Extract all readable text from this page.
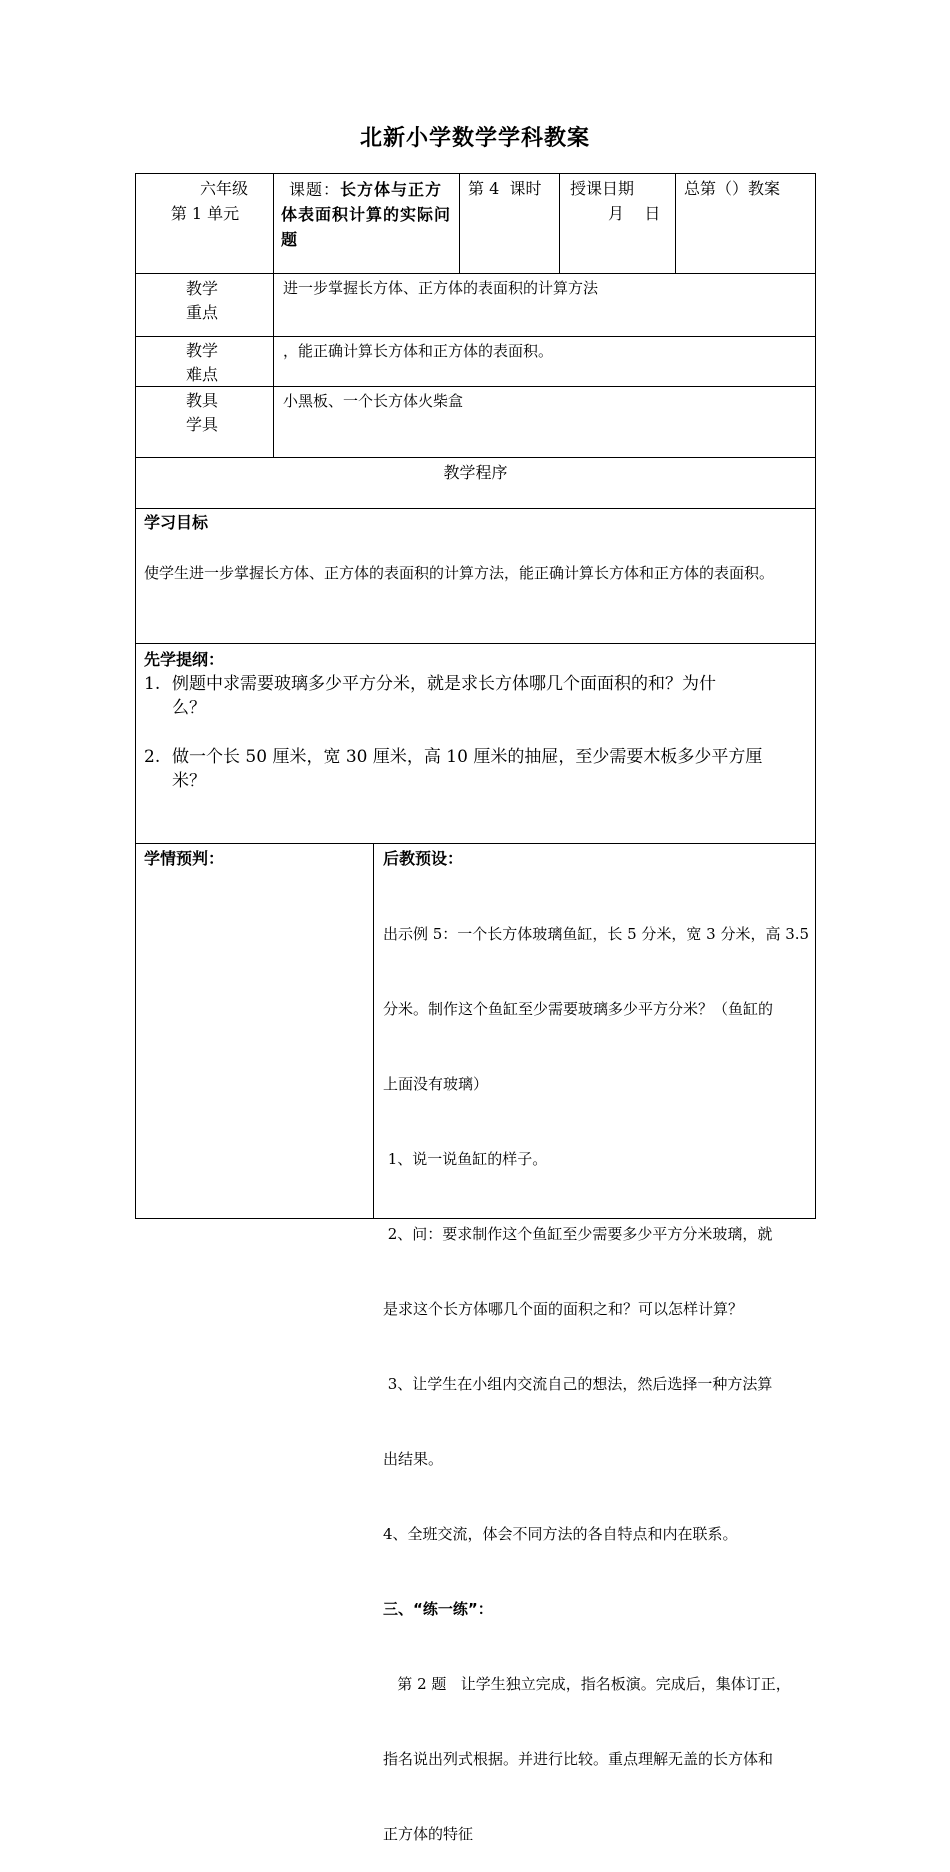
北新小学数学学科教案
六年级
第 1 单元
课题：长方体与正方体表面积计算的实际问题
第 4  课时 授课日期
月    日
总第（）教案
教学
重点
进一步掌握长方体、正方体的表面积的计算方法
教学
难点
，能正确计算长方体和正方体的表面积。
教具
学具
小黑板、一个长方体火柴盒
教学程序
学习目标
使学生进一步掌握长方体、正方体的表面积的计算方法，能正确计算长方体和正方体的表面积。
先学提纲：
1. 例题中求需要玻璃多少平方分米，就是求长方体哪几个面面积的和？为什
么？
2. 做一个长 50 厘米，宽 30 厘米，高 10 厘米的抽屉，至少需要木板多少平方厘
米？
学情预判：	后教预设：

出示例 5：一个长方体玻璃鱼缸，长 5 分米，宽 3 分米，高 3.5

分米。制作这个鱼缸至少需要玻璃多少平方分米？（鱼缸的

上面没有玻璃）

1、说一说鱼缸的样子。

2、问：要求制作这个鱼缸至少需要多少平方分米玻璃，就

是求这个长方体哪几个面的面积之和？可以怎样计算？

3、让学生在小组内交流自己的想法，然后选择一种方法算

出结果。

4、全班交流，体会不同方法的各自特点和内在联系。

三、“练一练”：

第 2 题   让学生独立完成，指名板演。完成后，集体订正，

指名说出列式根据。并进行比较。重点理解无盖的长方体和

正方体的特征
